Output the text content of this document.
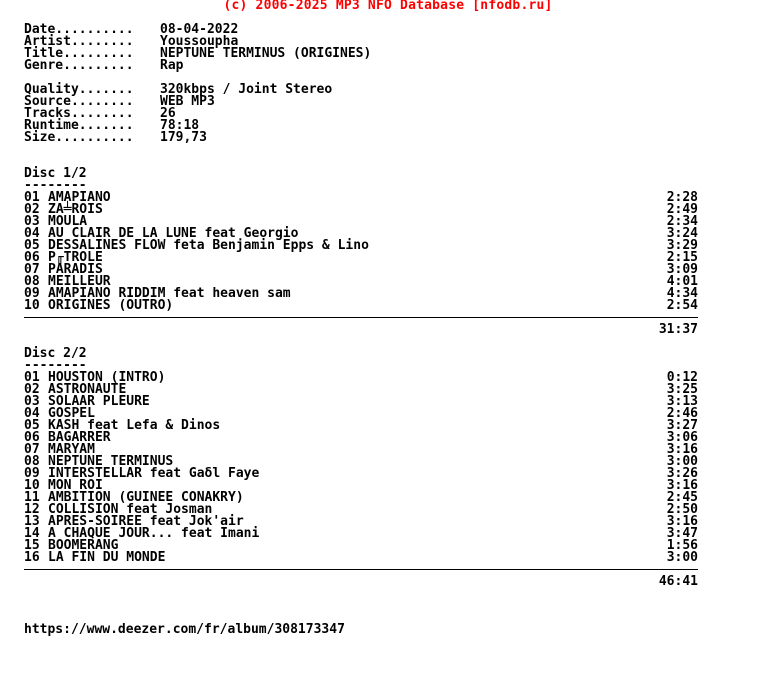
(c) 2006-2025 MP3 NFO Database [nfodb.ru]
Date.......... 08-04-2022
Artist........ Youssoupha
Title......... NEPTUNE TERMINUS (ORIGINES)
Genre......... Rap
Quality....... 320kbps / Joint Stereo
Source........ WEB MP3
Tracks........ 26
Runtime....... 78:18
Size.......... 179,73
Disc 1/2
--------
01 AMAPIANO	2:28
02 ZA╧ROIS	2:49
03 MOULA	2:34
04 AU CLAIR DE LA LUNE feat Georgio	3:24
05 DESSALINES FLOW feta Benjamin Epps & Lino	3:29
06 P╓TROLE	2:15
07 PARADIS	3:09
08 MEILLEUR	4:01
09 AMAPIANO RIDDIM feat heaven sam	4:34
10 ORIGINES (OUTRO)	2:54
31:37
Disc 2/2
--------
01 HOUSTON (INTRO)	0:12
02 ASTRONAUTE	3:25
03 SOLAAR PLEURE	3:13
04 GOSPEL	2:46
05 KASH feat Lefa & Dinos	3:27
06 BAGARRER	3:06
07 MARYAM	3:16
08 NEPTUNE TERMINUS	3:00
09 INTERSTELLAR feat Gaδl Faye	3:26
10 MON ROI	3:16
11 AMBITION (GUINEE CONAKRY)	2:45
12 COLLISION feat Josman	2:50
13 APRES-SOIREE feat Jok'air	3:16
14 A CHAQUE JOUR... feat Imani	3:47
15 BOOMERANG	1:56
16 LA FIN DU MONDE	3:00
46:41
https://www.deezer.com/fr/album/308173347
